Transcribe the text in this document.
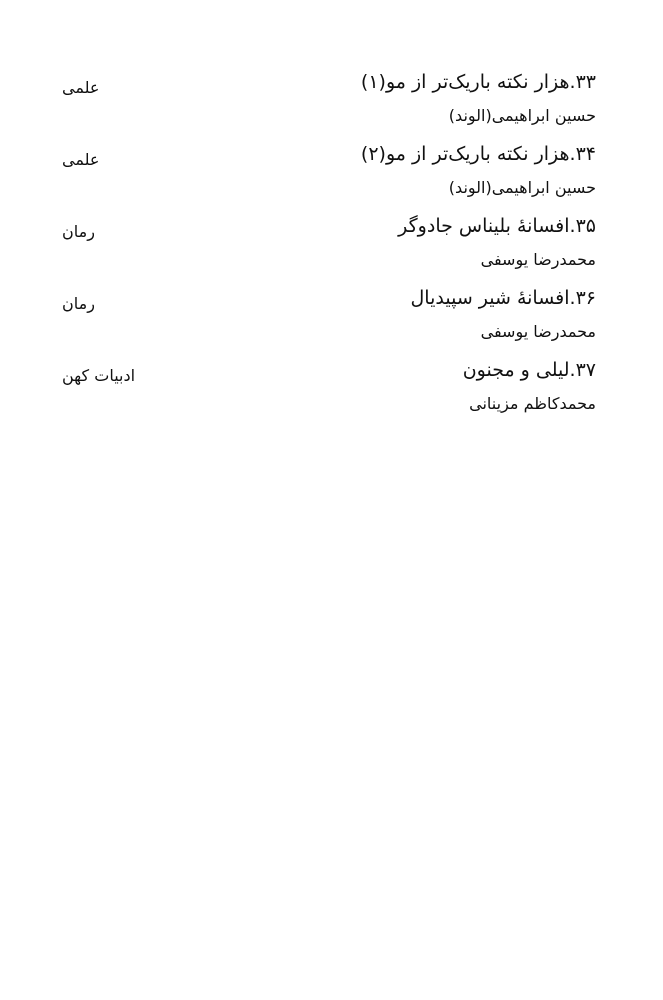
۳۳.هزار نکته باریک‌تر از مو(۱)
حسین ابراهیمی(الوند)
علمی
۳۴.هزار نکته باریک‌تر از مو(۲)
حسین ابراهیمی(الوند)
علمی
۳۵.افسانهٔ بلیناس جادوگر
محمدرضا یوسفی
رمان
۳۶.افسانهٔ شیر سپیدیال
محمدرضا یوسفی
رمان
۳۷.لیلی و مجنون
محمدکاظم مزینانی
ادبیات کهن
